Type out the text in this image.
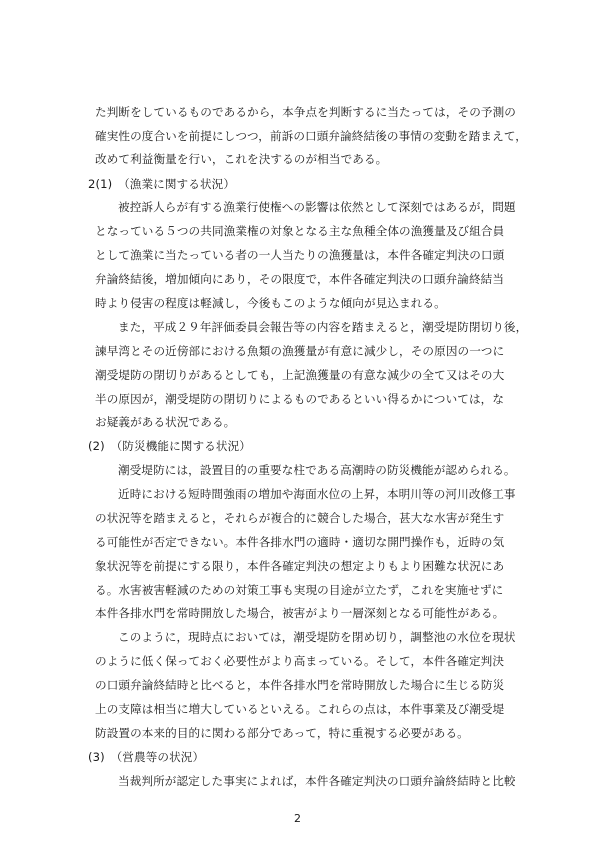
た判断をしているものであるから，本争点を判断するに当たっては，その予測の
確実性の度合いを前提にしつつ，前訴の口頭弁論終結後の事情の変動を踏まえて，
改めて利益衡量を行い，これを決するのが相当である。
2(1)　（漁業に関する状況）
被控訴人らが有する漁業行使権への影響は依然として深刻ではあるが，問題
となっている５つの共同漁業権の対象となる主な魚種全体の漁獲量及び組合員
として漁業に当たっている者の一人当たりの漁獲量は，本件各確定判決の口頭
弁論終結後，増加傾向にあり，その限度で，本件各確定判決の口頭弁論終結当
時より侵害の程度は軽減し，今後もこのような傾向が見込まれる。
また，平成２９年評価委員会報告等の内容を踏まえると，潮受堤防閉切り後，
諫早湾とその近傍部における魚類の漁獲量が有意に減少し，その原因の一つに
潮受堤防の閉切りがあるとしても，上記漁獲量の有意な減少の全て又はその大
半の原因が，潮受堤防の閉切りによるものであるといい得るかについては，な
お疑義がある状況である。
(2)　（防災機能に関する状況）
潮受堤防には，設置目的の重要な柱である高潮時の防災機能が認められる。
近時における短時間強雨の増加や海面水位の上昇，本明川等の河川改修工事
の状況等を踏まえると，それらが複合的に競合した場合，甚大な水害が発生す
る可能性が否定できない。本件各排水門の適時・適切な開門操作も，近時の気
象状況等を前提にする限り，本件各確定判決の想定よりもより困難な状況にあ
る。水害被害軽減のための対策工事も実現の目途が立たず，これを実施せずに
本件各排水門を常時開放した場合，被害がより一層深刻となる可能性がある。
このように，現時点においては，潮受堤防を閉め切り，調整池の水位を現状
のように低く保っておく必要性がより高まっている。そして，本件各確定判決
の口頭弁論終結時と比べると，本件各排水門を常時開放した場合に生じる防災
上の支障は相当に増大しているといえる。これらの点は，本件事業及び潮受堤
防設置の本来的目的に関わる部分であって，特に重視する必要がある。
(3)　（営農等の状況）
当裁判所が認定した事実によれば，本件各確定判決の口頭弁論終結時と比較
2
